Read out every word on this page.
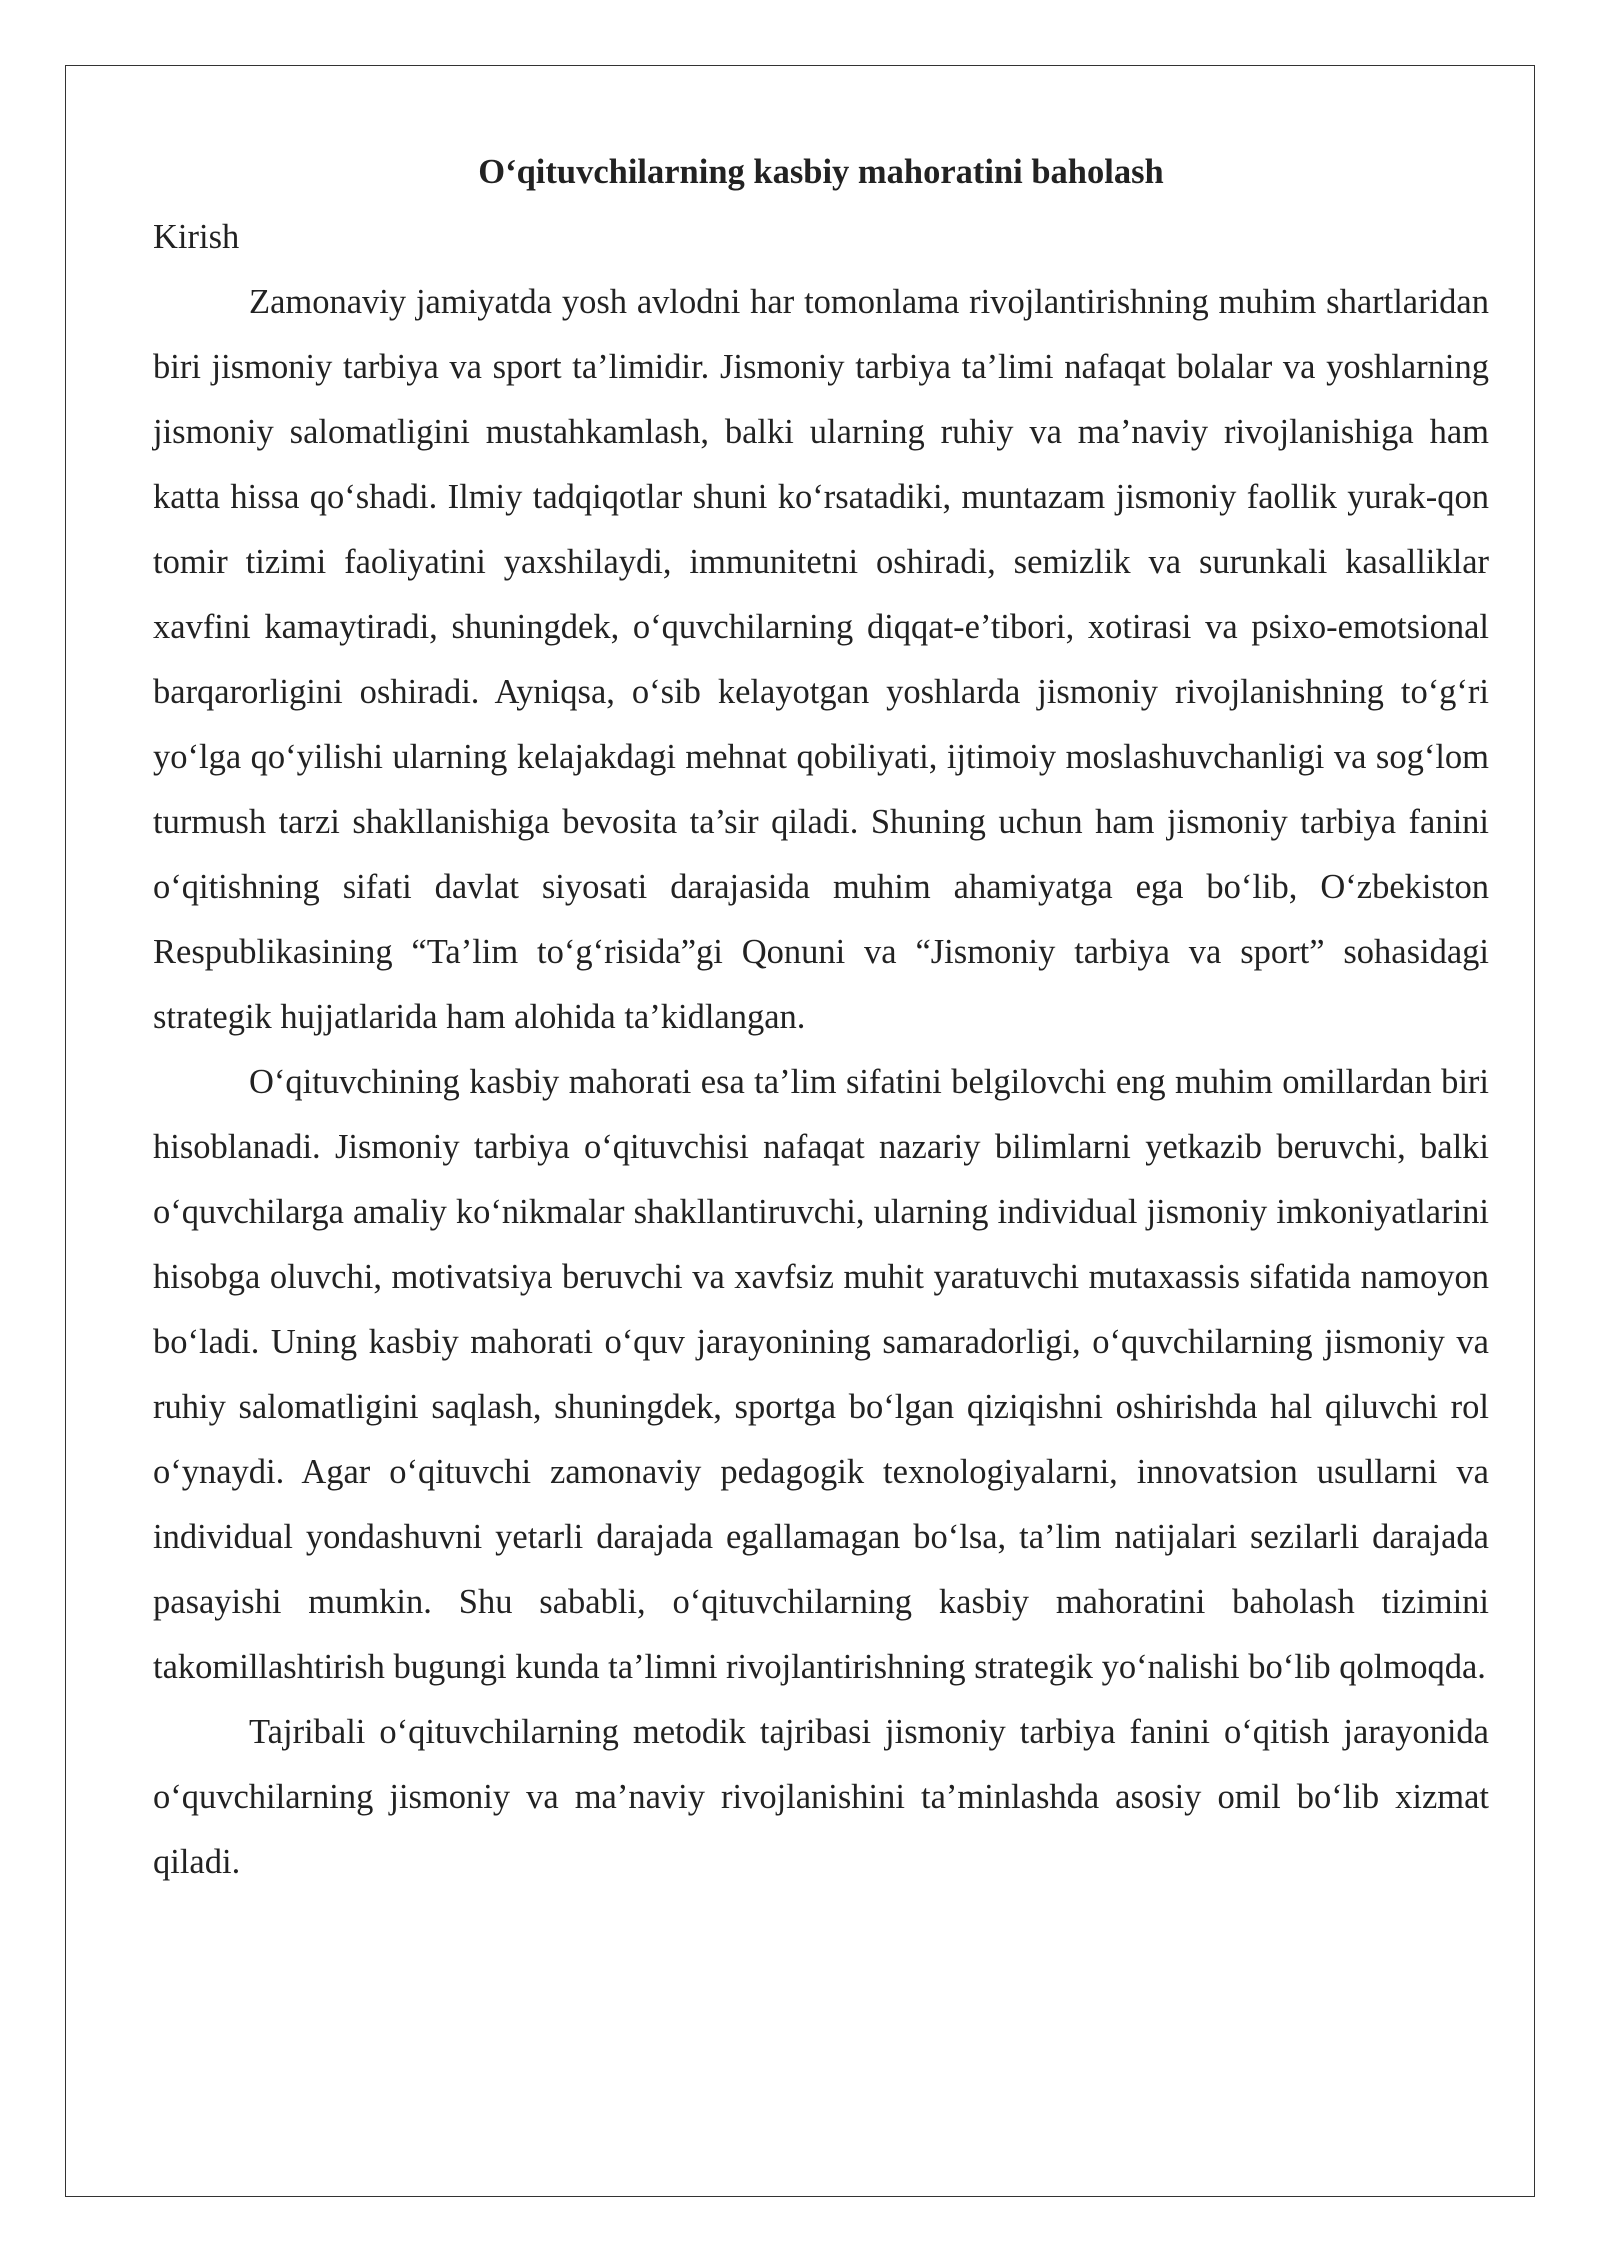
O‘qituvchilarning kasbiy mahoratini baholash
Kirish

Zamonaviy jamiyatda yosh avlodni har tomonlama rivojlantirishning muhim shartlaridan biri jismoniy tarbiya va sport ta’limidir. Jismoniy tarbiya ta’limi nafaqat bolalar va yoshlarning jismoniy salomatligini mustahkamlash, balki ularning ruhiy va ma’naviy rivojlanishiga ham katta hissa qo‘shadi. Ilmiy tadqiqotlar shuni ko‘rsatadiki, muntazam jismoniy faollik yurak-qon tomir tizimi faoliyatini yaxshilaydi, immunitetni oshiradi, semizlik va surunkali kasalliklar xavfini kamaytiradi, shuningdek, o‘quvchilarning diqqat-e’tibori, xotirasi va psixo-emotsional barqarorligini oshiradi. Ayniqsa, o‘sib kelayotgan yoshlarda jismoniy rivojlanishning to‘g‘ri yo‘lga qo‘yilishi ularning kelajakdagi mehnat qobiliyati, ijtimoiy moslashuvchanligi va sog‘lom turmush tarzi shakllanishiga bevosita ta’sir qiladi. Shuning uchun ham jismoniy tarbiya fanini o‘qitishning sifati davlat siyosati darajasida muhim ahamiyatga ega bo‘lib, O‘zbekiston Respublikasining “Ta’lim to‘g‘risida”gi Qonuni va “Jismoniy tarbiya va sport” sohasidagi strategik hujjatlarida ham alohida ta’kidlangan.

O‘qituvchining kasbiy mahorati esa ta’lim sifatini belgilovchi eng muhim omillardan biri hisoblanadi. Jismoniy tarbiya o‘qituvchisi nafaqat nazariy bilimlarni yetkazib beruvchi, balki o‘quvchilarga amaliy ko‘nikmalar shakllantiruvchi, ularning individual jismoniy imkoniyatlarini hisobga oluvchi, motivatsiya beruvchi va xavfsiz muhit yaratuvchi mutaxassis sifatida namoyon bo‘ladi. Uning kasbiy mahorati o‘quv jarayonining samaradorligi, o‘quvchilarning jismoniy va ruhiy salomatligini saqlash, shuningdek, sportga bo‘lgan qiziqishni oshirishda hal qiluvchi rol o‘ynaydi. Agar o‘qituvchi zamonaviy pedagogik texnologiyalarni, innovatsion usullarni va individual yondashuvni yetarli darajada egallamagan bo‘lsa, ta’lim natijalari sezilarli darajada pasayishi mumkin. Shu sababli, o‘qituvchilarning kasbiy mahoratini baholash tizimini takomillashtirish bugungi kunda ta’limni rivojlantirishning strategik yo‘nalishi bo‘lib qolmoqda.

Tajribali o‘qituvchilarning metodik tajribasi jismoniy tarbiya fanini o‘qitish jarayonida o‘quvchilarning jismoniy va ma’naviy rivojlanishini ta’minlashda asosiy omil bo‘lib xizmat qiladi.
